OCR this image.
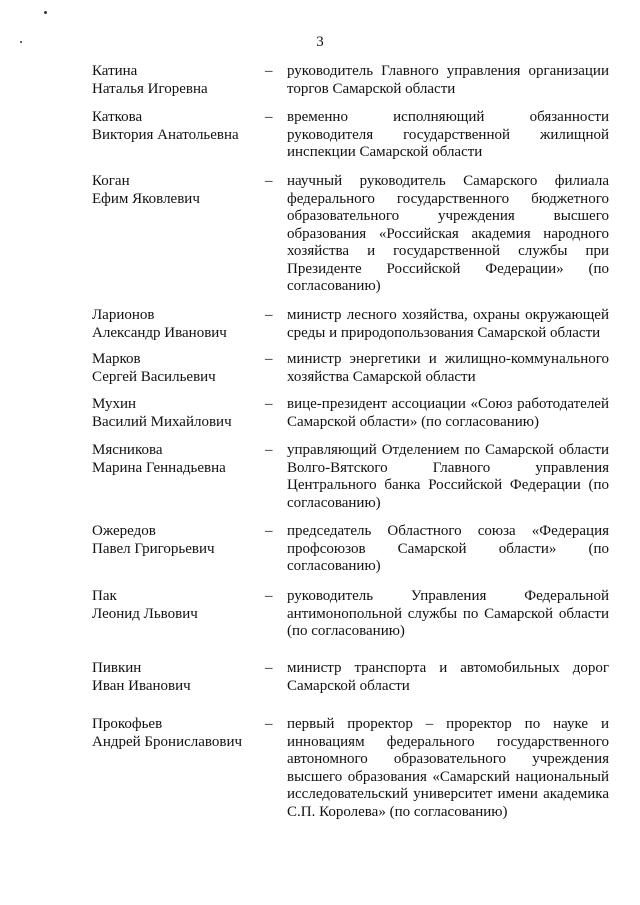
3
Катина
Наталья Игоревна
– руководитель Главного управления организации
торгов Самарской области
Каткова
Виктория Анатольевна
– временно исполняющий обязанности
руководителя государственной жилищной
инспекции Самарской области
Коган
Ефим Яковлевич
– научный руководитель Самарского филиала
федерального государственного бюджетного
образовательного учреждения высшего
образования «Российская академия народного
хозяйства и государственной службы при
Президенте Российской Федерации» (по
согласованию)
Ларионов
Александр Иванович
– министр лесного хозяйства, охраны окружающей
среды и природопользования Самарской области
Марков
Сергей Васильевич
– министр энергетики и жилищно-коммунального
хозяйства Самарской области
Мухин
Василий Михайлович
– вице-президент ассоциации «Союз работодателей
Самарской области» (по согласованию)
Мясникова
Марина Геннадьевна
– управляющий Отделением по Самарской области
Волго-Вятского Главного управления
Центрального банка Российской Федерации (по
согласованию)
Ожередов
Павел Григорьевич
– председатель Областного союза «Федерация
профсоюзов Самарской области» (по
согласованию)
Пак
Леонид Львович
– руководитель Управления Федеральной
антимонопольной службы по Самарской области
(по согласованию)
Пивкин
Иван Иванович
– министр транспорта и автомобильных дорог
Самарской области
Прокофьев
Андрей Брониславович
– первый проректор – проректор по науке и
инновациям федерального государственного
автономного образовательного учреждения
высшего образования «Самарский национальный
исследовательский университет имени академика
С.П. Королева» (по согласованию)
